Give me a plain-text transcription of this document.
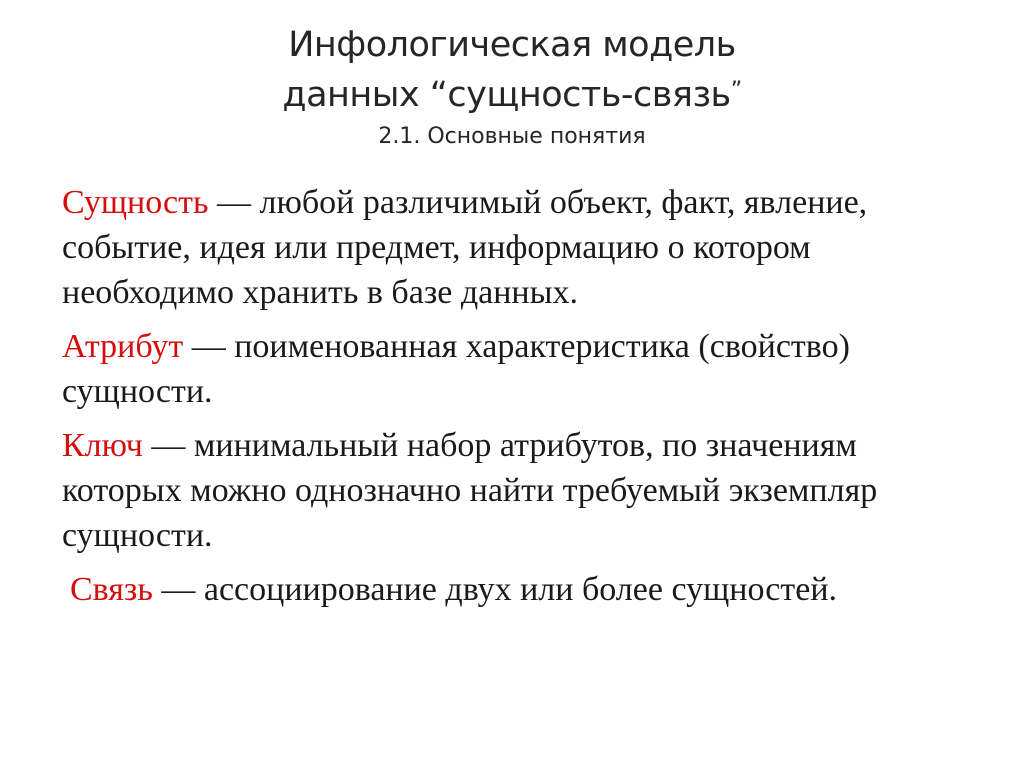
Инфологическая модель
данных “сущность-связь”
2.1. Основные понятия

Сущность — любой различимый объект, факт, явление, событие, идея или предмет, информацию о котором необходимо хранить в базе данных.

Атрибут — поименованная характеристика (свойство) сущности.

Ключ — минимальный набор атрибутов, по значениям которых можно однозначно найти требуемый экземпляр сущности.

Связь — ассоциирование двух или более сущностей.
